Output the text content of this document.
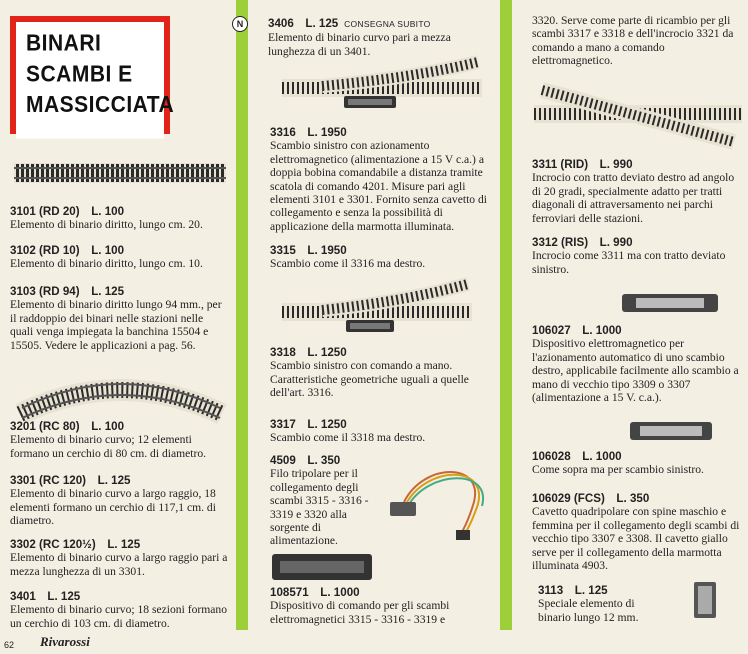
BINARI
SCAMBI E
MASSICCIATA
3101 (RD 20) L. 100
Elemento di binario diritto, lungo cm. 20.
3102 (RD 10) L. 100
Elemento di binario diritto, lungo cm. 10.
3103 (RD 94) L. 125
Elemento di binario diritto lungo 94 mm., per il raddoppio dei binari nelle stazioni nelle quali venga impiegata la banchina 15504 e 15505. Vedere le applicazioni a pag. 56.
3201 (RC 80) L. 100
Elemento di binario curvo; 12 elementi formano un cerchio di 80 cm. di diametro.
3301 (RC 120) L. 125
Elemento di binario curvo a largo raggio, 18 elementi formano un cerchio di 117,1 cm. di diametro.
3302 (RC 120½) L. 125
Elemento di binario curvo a largo raggio pari a mezza lunghezza di un 3301.
3401 L. 125
Elemento di binario curvo; 18 sezioni formano un cerchio di 103 cm. di diametro.
N	3406 L. 125 CONSEGNA SUBITO
Elemento di binario curvo pari a mezza lunghezza di un 3401.
3316 L. 1950
Scambio sinistro con azionamento elettromagnetico (alimentazione a 15 V c.a.) a doppia bobina comandabile a distanza tramite scatola di comando 4201. Misure pari agli elementi 3101 e 3301. Fornito senza cavetto di collegamento e senza la possibilità di applicazione della marmotta illuminata.
3315 L. 1950
Scambio come il 3316 ma destro.
3318 L. 1250
Scambio sinistro con comando a mano. Caratteristiche geometriche uguali a quelle dell'art. 3316.
3317 L. 1250
Scambio come il 3318 ma destro.
4509 L. 350
Filo tripolare per il collegamento degli scambi 3315 - 3316 - 3319 e 3320 alla sorgente di alimentazione.
108571 L. 1000
Dispositivo di comando per gli scambi elettromagnetici 3315 - 3316 - 3319 e
3320. Serve come parte di ricambio per gli scambi 3317 e 3318 e dell'incrocio 3321 da comando a mano a comando elettromagnetico.
3311 (RID) L. 990
Incrocio con tratto deviato destro ad angolo di 20 gradi, specialmente adatto per tratti diagonali di attraversamento nei parchi ferroviari delle stazioni.
3312 (RIS) L. 990
Incrocio come 3311 ma con tratto deviato sinistro.
106027 L. 1000
Dispositivo elettromagnetico per l'azionamento automatico di uno scambio destro, applicabile facilmente allo scambio a mano di vecchio tipo 3309 o 3307 (alimentazione a 15 V. c.a.).
106028 L. 1000
Come sopra ma per scambio sinistro.
106029 (FCS) L. 350
Cavetto quadripolare con spine maschio e femmina per il collegamento degli scambi di vecchio tipo 3307 e 3308. Il cavetto giallo serve per il collegamento della marmotta illuminata 4903.
3113 L. 125
Speciale elemento di binario lungo 12 mm.
62 Rivarossi
